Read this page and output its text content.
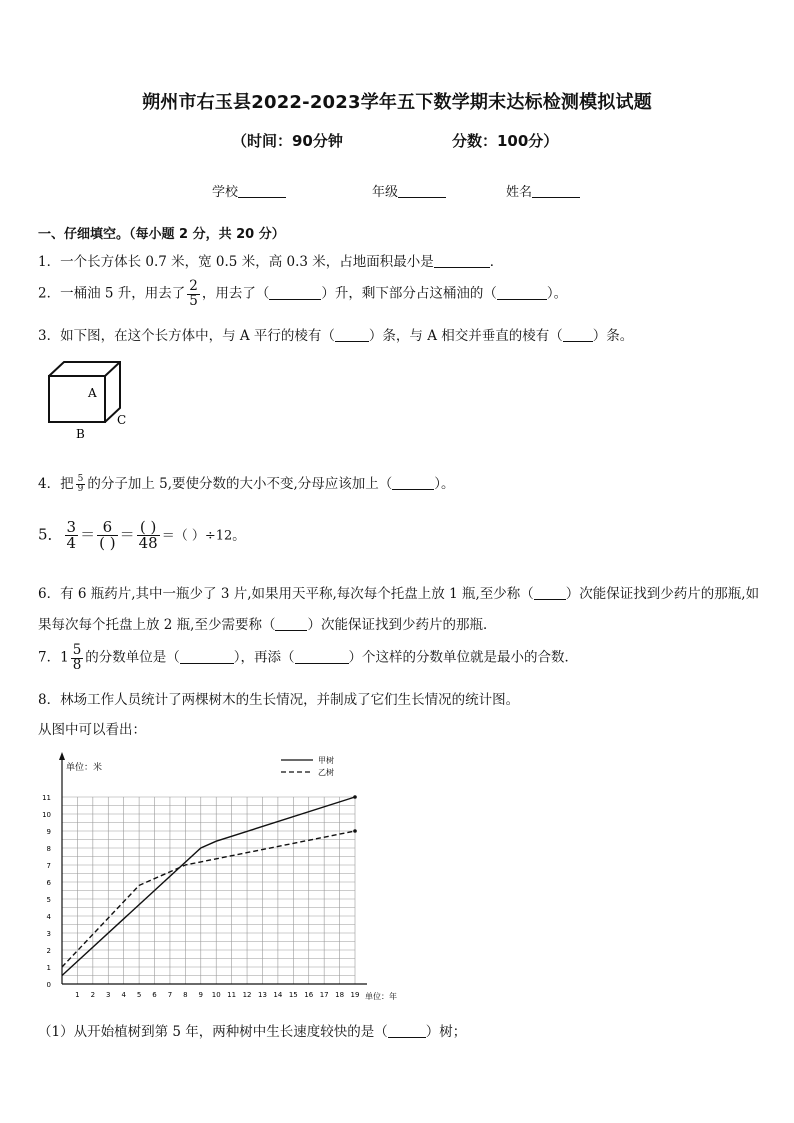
朔州市右玉县2022-2023学年五下数学期末达标检测模拟试题
（时间：90分钟	分数：100分）
学校	年级	姓名
一、仔细填空。（每小题 2 分，共 20 分）
1．一个长方体长 0.7 米，宽 0.5 米，高 0.3 米，占地面积最小是	．
2．一桶油 5 升，用去了 $\frac{2}{5}$ ，用去了（	）升，剩下部分占这桶油的（	）。
3．如下图，在这个长方体中，与 A 平行的棱有（	）条，与 A 相交并垂直的棱有（ ）条。
A
B
C
4．把 $\frac{5}{9}$ 的分子加上 5,要使分数的大小不变,分母应该加上（	）。
5． $\frac{3}{4} = \frac{6}{( )} = \frac{( )}{48}$ ＝（ ）÷12。
6．有 6 瓶药片,其中一瓶少了 3 片,如果用天平称,每次每个托盘上放 1 瓶,至少称（ ）次能保证找到少药片的那瓶,如
果每次每个托盘上放 2 瓶,至少需要称（ ）次能保证找到少药片的那瓶．
7．$1 \frac{5}{8}$ 的分数单位是（	），再添（	）个这样的分数单位就是最小的合数．
8．林场工作人员统计了两棵树木的生长情况，并制成了它们生长情况的统计图。
从图中可以看出：
0
1
2
3
4
5
6
7
8
9
10
11
1 2 3 4 5 6 7 8 9 10 11 12 13 14 15 16 17 18 19
单位：米
单位：年
甲树
乙树
（1）从开始植树到第 5 年，两种树中生长速度较快的是（	）树；
